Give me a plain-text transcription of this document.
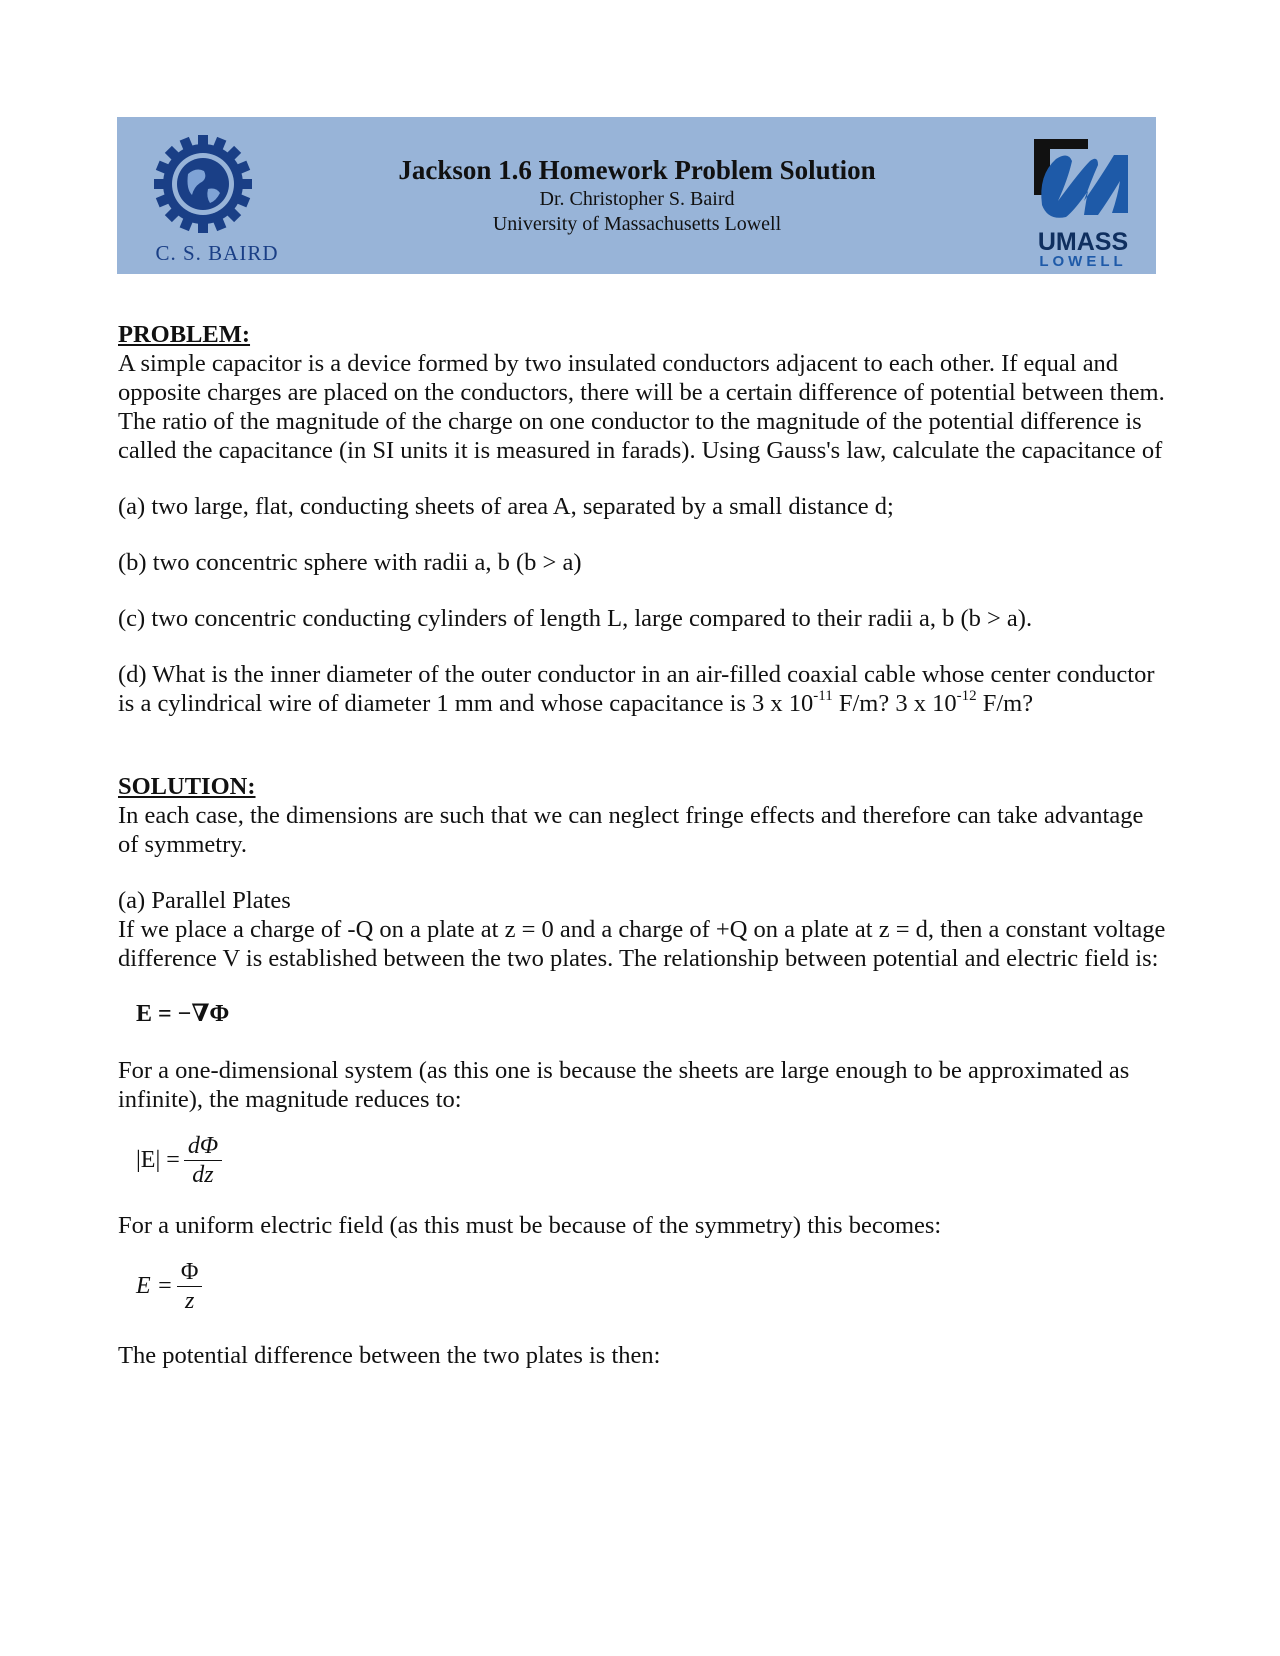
C. S. BAIRD
Jackson 1.6 Homework Problem Solution
Dr. Christopher S. Baird
University of Massachusetts Lowell
UMASS
LOWELL
PROBLEM:

A simple capacitor is a device formed by two insulated conductors adjacent to each other. If equal and opposite charges are placed on the conductors, there will be a certain difference of potential between them. The ratio of the magnitude of the charge on one conductor to the magnitude of the potential difference is called the capacitance (in SI units it is measured in farads). Using Gauss's law, calculate the capacitance of

(a) two large, flat, conducting sheets of area A, separated by a small distance d;

(b) two concentric sphere with radii a, b (b > a)

(c) two concentric conducting cylinders of length L, large compared to their radii a, b (b > a).

(d) What is the inner diameter of the outer conductor in an air-filled coaxial cable whose center conductor is a cylindrical wire of diameter 1 mm and whose capacitance is 3 x $10^{-11}$ F/m? 3 x $10^{-12}$ F/m?

SOLUTION:

In each case, the dimensions are such that we can neglect fringe effects and therefore can take advantage of symmetry.

(a) Parallel Plates

If we place a charge of -Q on a plate at z = 0 and a charge of +Q on a plate at z = d, then a constant voltage difference V is established between the two plates. The relationship between potential and electric field is:

E = −∇Φ

For a one-dimensional system (as this one is because the sheets are large enough to be approximated as infinite), the magnitude reduces to:

$|E| = \frac{d\Phi}{dz}$

For a uniform electric field (as this must be because of the symmetry) this becomes:

$E = \frac{\Phi}{z}$

The potential difference between the two plates is then:
